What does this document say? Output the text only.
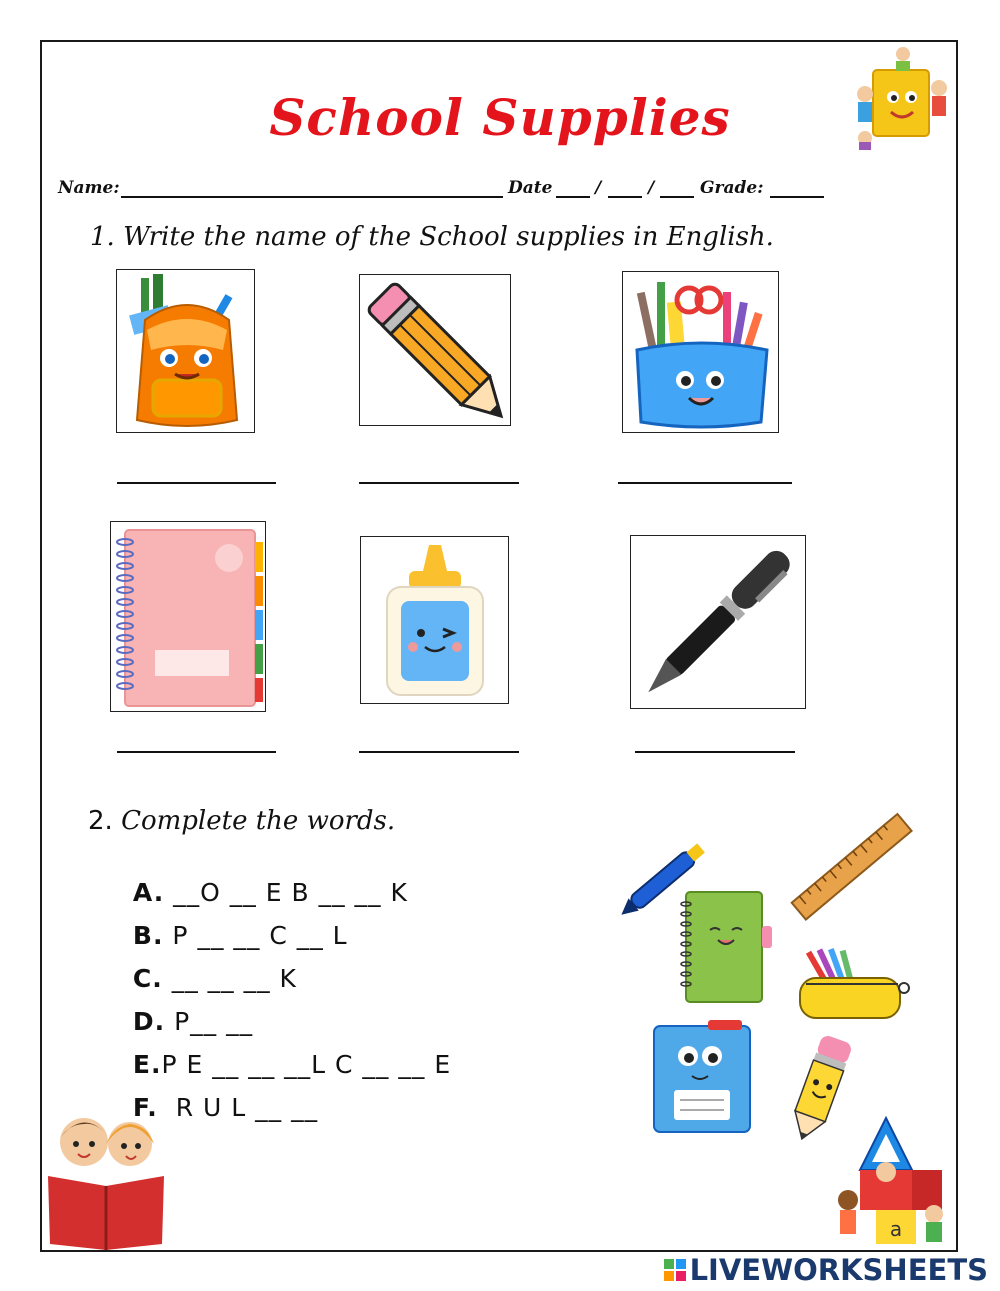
School Supplies
Name:	Date	/	/	Grade:
1. Write the name of the School supplies in English.
2. Complete the words.

A. __O __ E B __ __ K

B. P __ __ C __ L

C. __ __ __ K

D. P__ __

E.P E __ __ __L C __ __ E

F.  R U L __ __

a
LIVEWORKSHEETS
